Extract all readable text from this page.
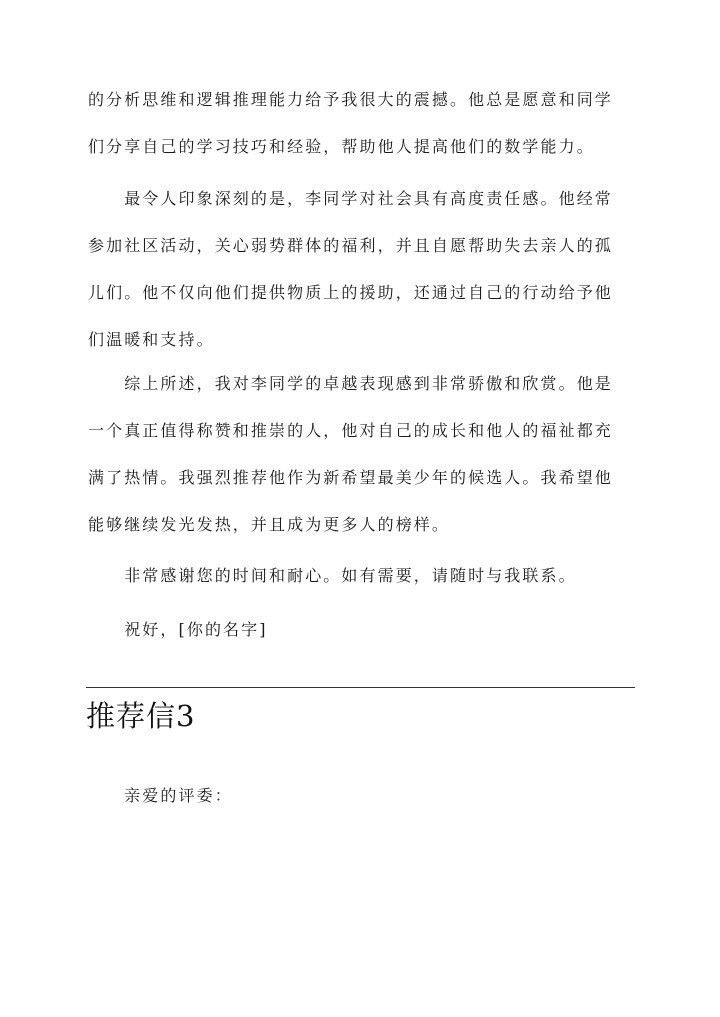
的分析思维和逻辑推理能力给予我很大的震撼。他总是愿意和同学
们分享自己的学习技巧和经验，帮助他人提高他们的数学能力。

　　最令人印象深刻的是，李同学对社会具有高度责任感。他经常
参加社区活动，关心弱势群体的福利，并且自愿帮助失去亲人的孤
儿们。他不仅向他们提供物质上的援助，还通过自己的行动给予他
们温暖和支持。

　　综上所述，我对李同学的卓越表现感到非常骄傲和欣赏。他是
一个真正值得称赞和推崇的人，他对自己的成长和他人的福祉都充
满了热情。我强烈推荐他作为新希望最美少年的候选人。我希望他
能够继续发光发热，并且成为更多人的榜样。

　　非常感谢您的时间和耐心。如有需要，请随时与我联系。

　　祝好，[你的名字]

推荐信3

　　亲爱的评委：
